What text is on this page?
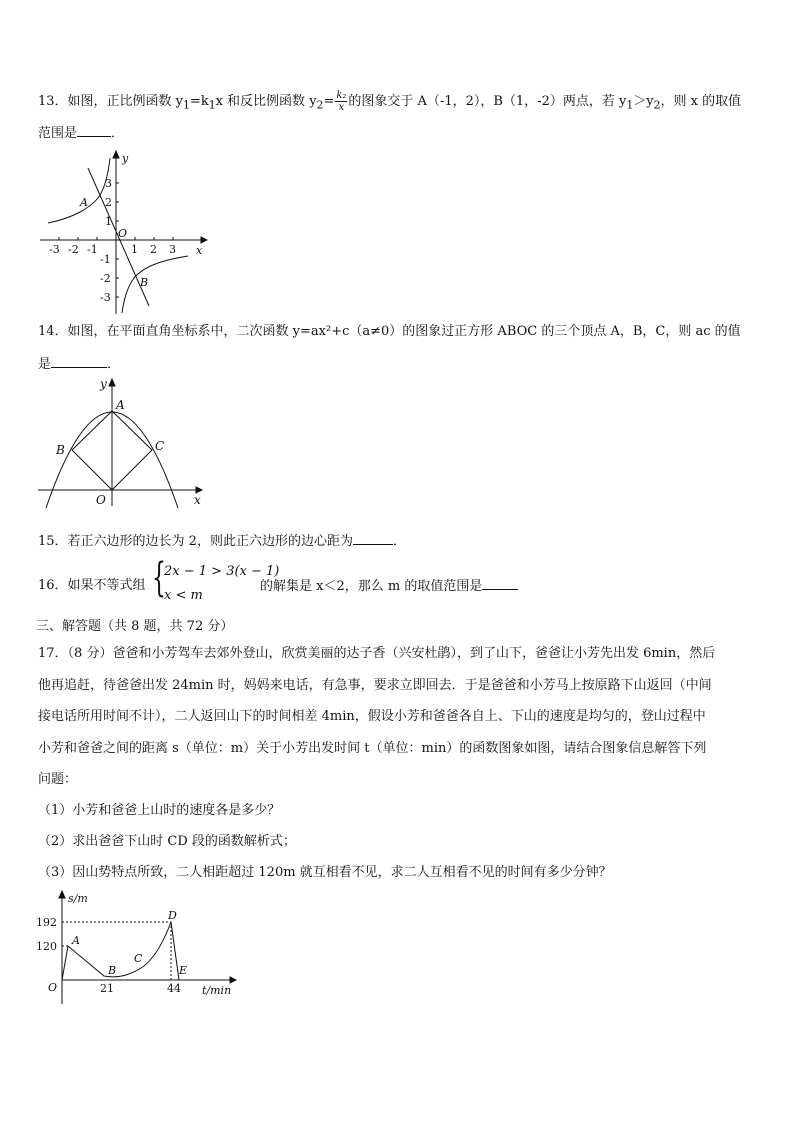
13．如图，正比例函数 $y_1=k_1x$ 和反比例函数 $y_2= \frac{\text{k₂}}{x}$ 的图象交于 A（-1，2），B（1，-2）两点，若 $y_1>y_2$，则 x 的取值
范围是	．
y
x
O
A
B
-3 -2 -1	1 2 3
3
2
1
-1
-2
-3
14．如图，在平面直角坐标系中，二次函数 y=ax²+c（a≠0）的图象过正方形 ABOC 的三个顶点 A，B，C，则 ac 的值
是	．
y
x
O
A
B	C
15．若正六边形的边长为 2，则此正六边形的边心距为	．
16．如果不等式组 {
2x − 1 > 3(x − 1)
x < m
的解集是 x＜2，那么 m 的取值范围是
三、解答题（共 8 题，共 72 分）
17．（8 分）爸爸和小芳驾车去郊外登山，欣赏美丽的达子香（兴安杜鹃），到了山下，爸爸让小芳先出发 6min，然后
他再追赶，待爸爸出发 24min 时，妈妈来电话，有急事，要求立即回去．于是爸爸和小芳马上按原路下山返回（中间
接电话所用时间不计），二人返回山下的时间相差 4min，假设小芳和爸爸各自上、下山的速度是均匀的，登山过程中
小芳和爸爸之间的距离 s（单位：m）关于小芳出发时间 t（单位：min）的函数图象如图，请结合图象信息解答下列
问题：
（1）小芳和爸爸上山时的速度各是多少？
（2）求出爸爸下山时 CD 段的函数解析式；
（3）因山势特点所致，二人相距超过 120m 就互相看不见，求二人互相看不见的时间有多少分钟？
s/m
t/min
O
192
120
21	44
A
B
C
D
E
